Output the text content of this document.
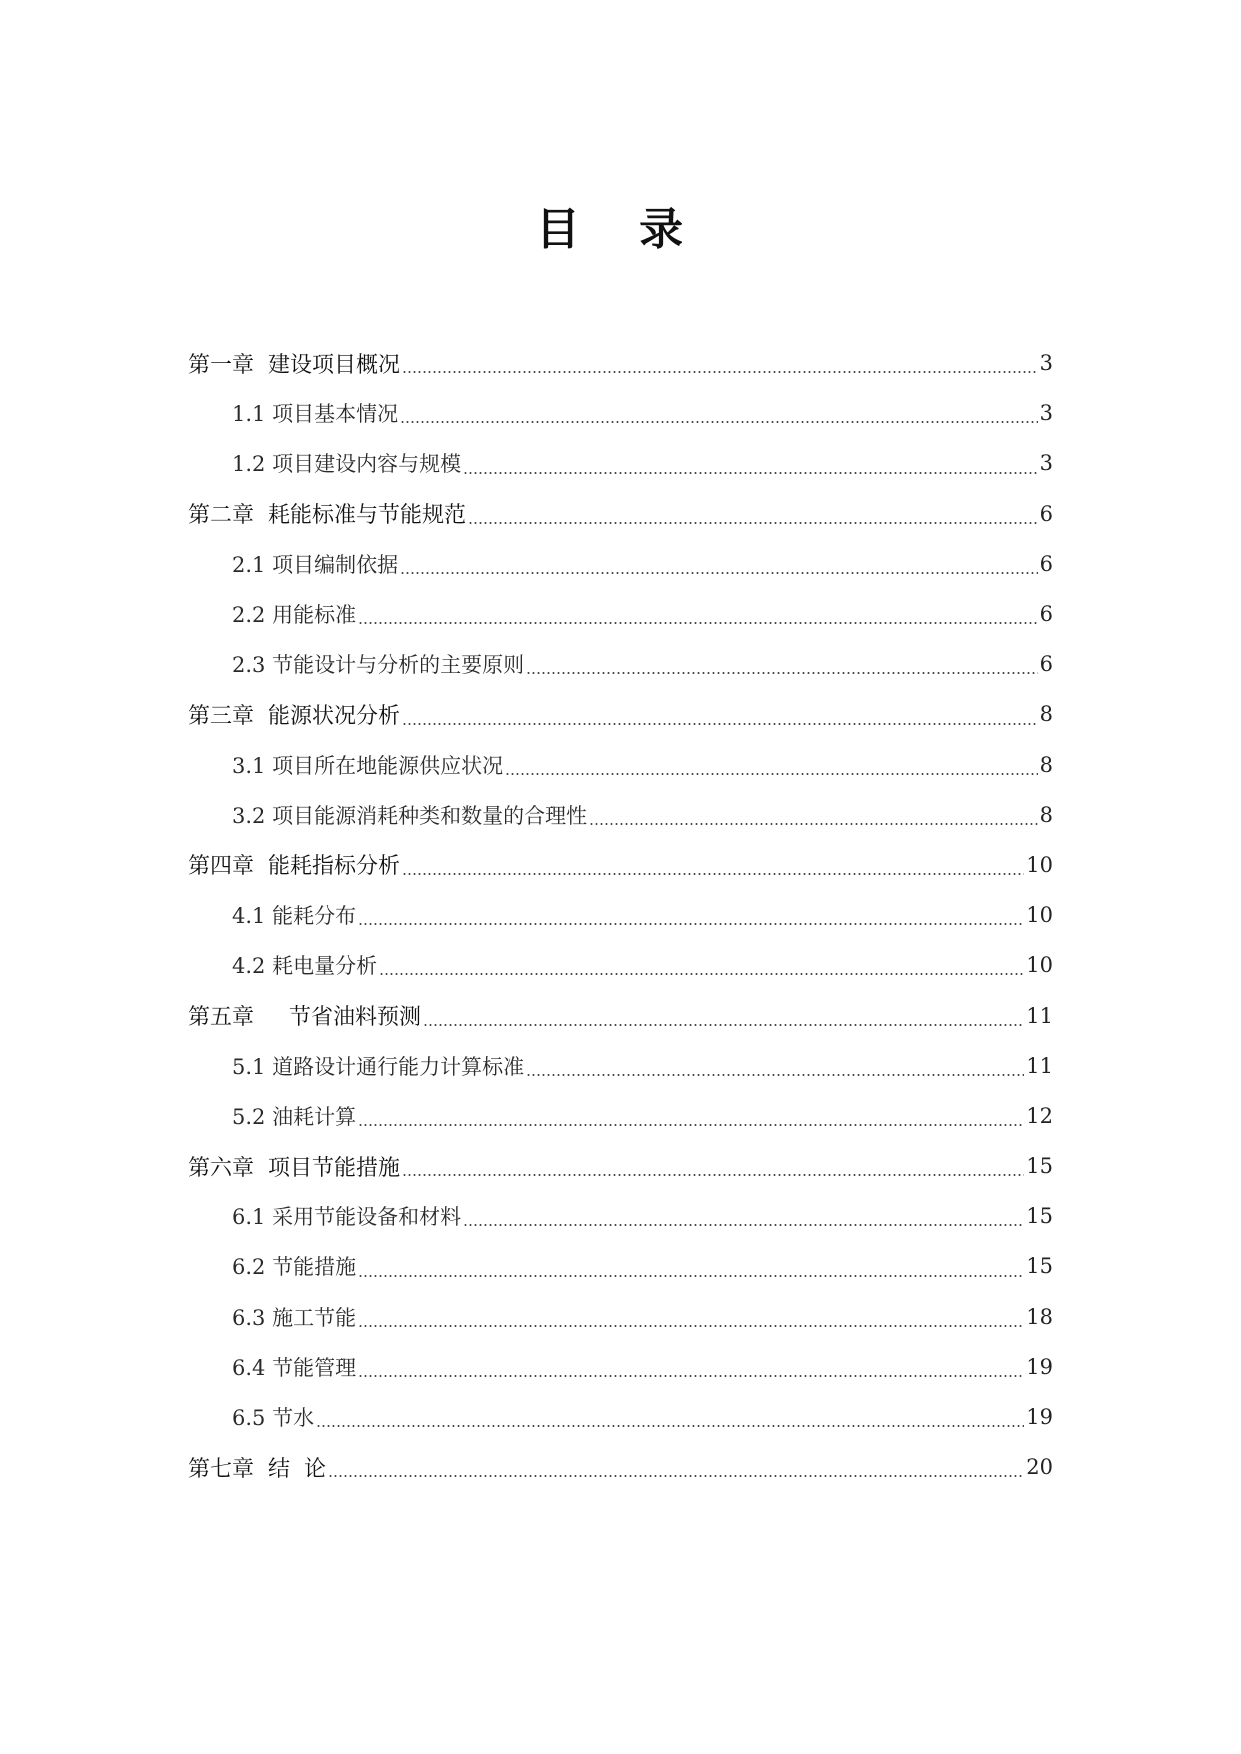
目 录
第一章  建设项目概况	3
1.1 项目基本情况	3
1.2 项目建设内容与规模	3
第二章  耗能标准与节能规范	6
2.1 项目编制依据	6
2.2 用能标准	6
2.3 节能设计与分析的主要原则	6
第三章  能源状况分析	8
3.1 项目所在地能源供应状况	8
3.2 项目能源消耗种类和数量的合理性	8
第四章  能耗指标分析	10
4.1 能耗分布	10
4.2 耗电量分析	10
第五章     节省油料预测	11
5.1 道路设计通行能力计算标准	11
5.2 油耗计算	12
第六章  项目节能措施	15
6.1 采用节能设备和材料	15
6.2 节能措施	15
6.3 施工节能	18
6.4 节能管理	19
6.5 节水	19
第七章  结  论	20
